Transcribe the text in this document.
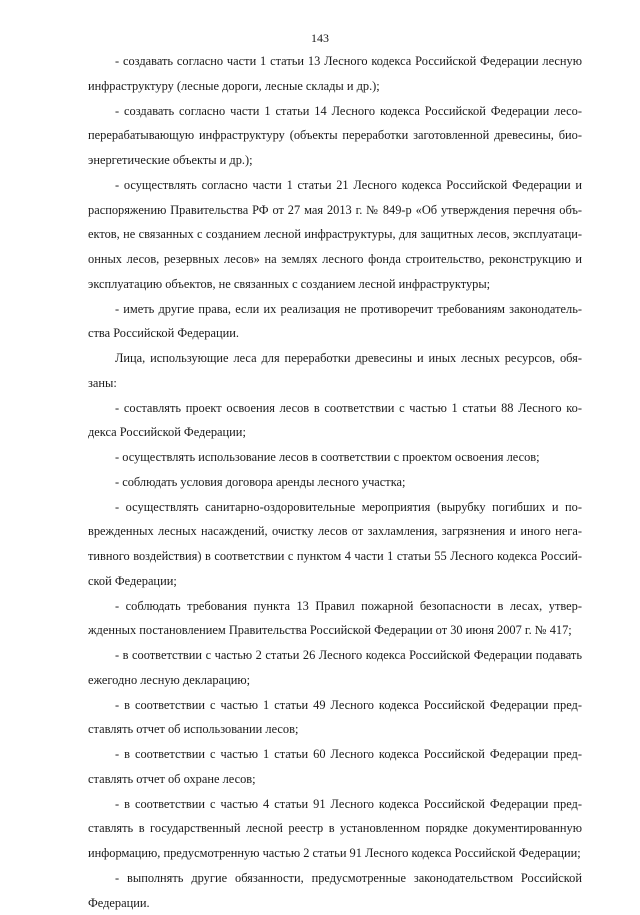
143

- создавать согласно части 1 статьи 13 Лесного кодекса Российской Федерации лесную инфраструктуру (лесные дороги, лесные склады и др.);

- создавать согласно части 1 статьи 14 Лесного кодекса Российской Федерации лесоперерабатывающую инфраструктуру (объекты переработки заготовленной древесины, биоэнергетические объекты и др.);

- осуществлять согласно части 1 статьи 21 Лесного кодекса Российской Федерации и распоряжению Правительства РФ от 27 мая 2013 г. № 849-р «Об утверждения перечня объектов, не связанных с созданием лесной инфраструктуры, для защитных лесов, эксплуатационных лесов, резервных лесов» на землях лесного фонда строительство, реконструкцию и эксплуатацию объектов, не связанных с созданием лесной инфраструктуры;

- иметь другие права, если их реализация не противоречит требованиям законодательства Российской Федерации.

Лица, использующие леса для переработки древесины и иных лесных ресурсов, обязаны:

- составлять проект освоения лесов в соответствии с частью 1 статьи 88 Лесного кодекса Российской Федерации;

- осуществлять использование лесов в соответствии с проектом освоения лесов;

- соблюдать условия договора аренды лесного участка;

- осуществлять санитарно-оздоровительные мероприятия (вырубку погибших и поврежденных лесных насаждений, очистку лесов от захламления, загрязнения и иного негативного воздействия) в соответствии с пунктом 4 части 1 статьи 55 Лесного кодекса Российской Федерации;

- соблюдать требования пункта 13 Правил пожарной безопасности в лесах, утвержденных постановлением Правительства Российской Федерации от 30 июня 2007 г. № 417;

- в соответствии с частью 2 статьи 26 Лесного кодекса Российской Федерации подавать ежегодно лесную декларацию;

- в соответствии с частью 1 статьи 49 Лесного кодекса Российской Федерации представлять отчет об использовании лесов;

- в соответствии с частью 1 статьи 60 Лесного кодекса Российской Федерации представлять отчет об охране лесов;

- в соответствии с частью 4 статьи 91 Лесного кодекса Российской Федерации представлять в государственный лесной реестр в установленном порядке документированную информацию, предусмотренную частью 2 статьи 91 Лесного кодекса Российской Федерации;

- выполнять другие обязанности, предусмотренные законодательством Российской Федерации.
